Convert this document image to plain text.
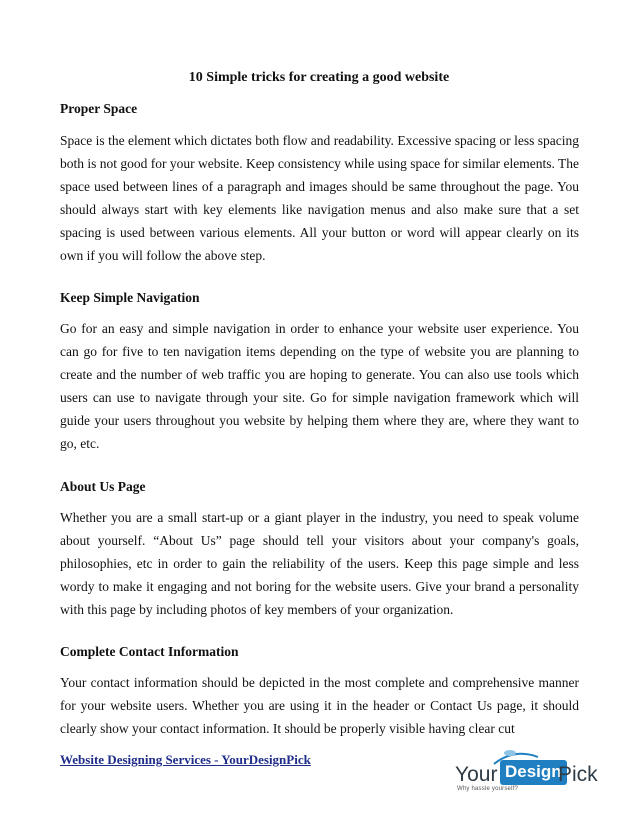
10 Simple tricks for creating a good website
Proper Space
Space is the element which dictates both flow and readability. Excessive spacing or less spacing both is not good for your website. Keep consistency while using space for similar elements. The space used between lines of a paragraph and images should be same throughout the page. You should always start with key elements like navigation menus and also make sure that a set spacing is used between various elements. All your button or word will appear clearly on its own if you will follow the above step.
Keep Simple Navigation
Go for an easy and simple navigation in order to enhance your website user experience. You can go for five to ten navigation items depending on the type of website you are planning to create and the number of web traffic you are hoping to generate. You can also use tools which users can use to navigate through your site. Go for simple navigation framework which will guide your users throughout you website by helping them where they are, where they want to go, etc.
About Us Page
Whether you are a small start-up or a giant player in the industry, you need to speak volume about yourself. “About Us” page should tell your visitors about your company's goals, philosophies, etc in order to gain the reliability of the users. Keep this page simple and less wordy to make it engaging and not boring for the website users. Give your brand a personality with this page by including photos of key members of your organization.
Complete Contact Information
Your contact information should be depicted in the most complete and comprehensive manner for your website users. Whether you are using it in the header or Contact Us page, it should clearly show your contact information. It should be properly visible having clear cut
Website Designing Services - YourDesignPick
Your Design
Pick
Why hassle yourself?
